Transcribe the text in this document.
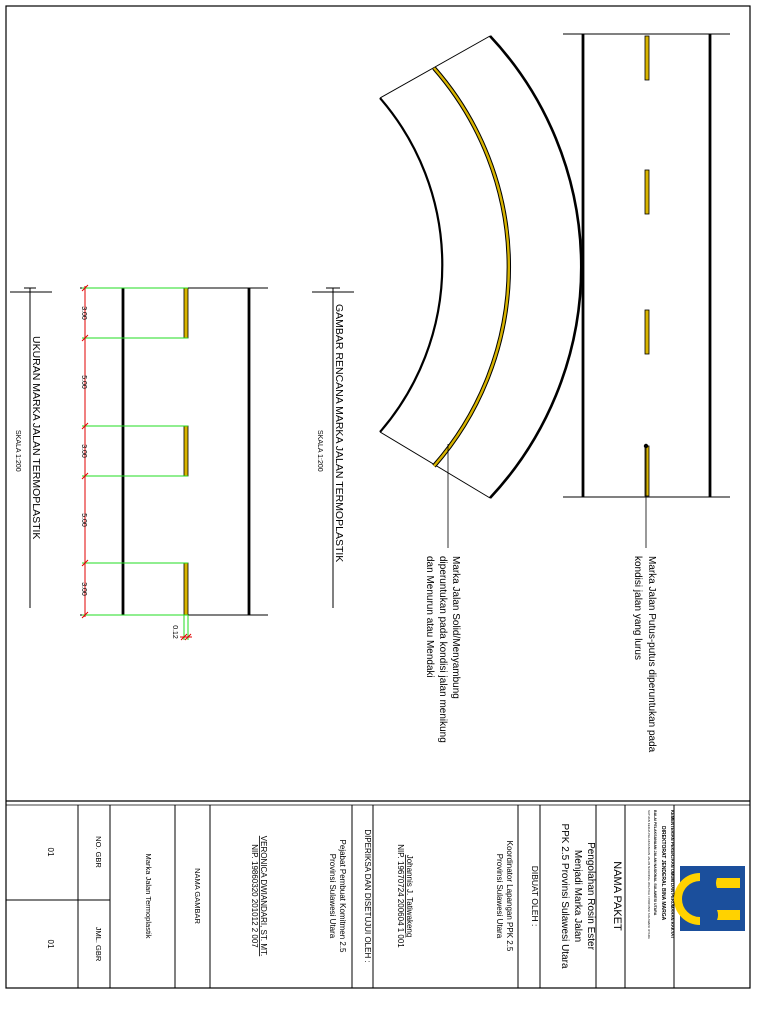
3.00
5.00
3.00
5.00
3.00
0.12
GAMBAR RENCANA MARKA JALAN TERMOPLASTIK
SKALA 1:200
UKURAN MARKA JALAN TERMOPLASTIK
SKALA 1:200
Marka Jalan Putus-putus diperuntukan pada
kondisi jalan yang lurus
Marka Jalan Solid/Menyambung
diperuntukan pada kondisi jalan menikung
dan Menurun atau Mendaki
KEMENTERIAN PEKERJAAN UMUM DAN PERUMAHAN RAKYAT
DIREKTORAT JENDERAL BINA MARGA
BALAI PELAKSANAAN JALAN NASIONAL SULAWESI UTARA
SATUAN KERJA PELAKSANAAN JALAN NASIONAL WILAYAH I PROVINSI SULAWESI UTARA
NAMA PAKET
Pengolahan Rosin Ester
Menjadi Marka Jalan
PPK 2.5 Provinsi Sulawesi Utara
DIBUAT OLEH :
Koordinator Lapangan PPK 2.5
Provinsi Sulawesi Utara
Johannis J. Tatiwakeng
NIP. 19670724 200604 1 001
DIPERIKSA DAN DISETUJUI OLEH :
Pejabat Pembuat Komitmen 2.5
Provinsi Sulawesi Utara
VERONICA DWIANDARI, ST. MT.
NIP. 19860320 201012 2 007
NAMA GAMBAR
Marka Jalan Termoplastik
NO. GBR
JML. GBR
01
01
